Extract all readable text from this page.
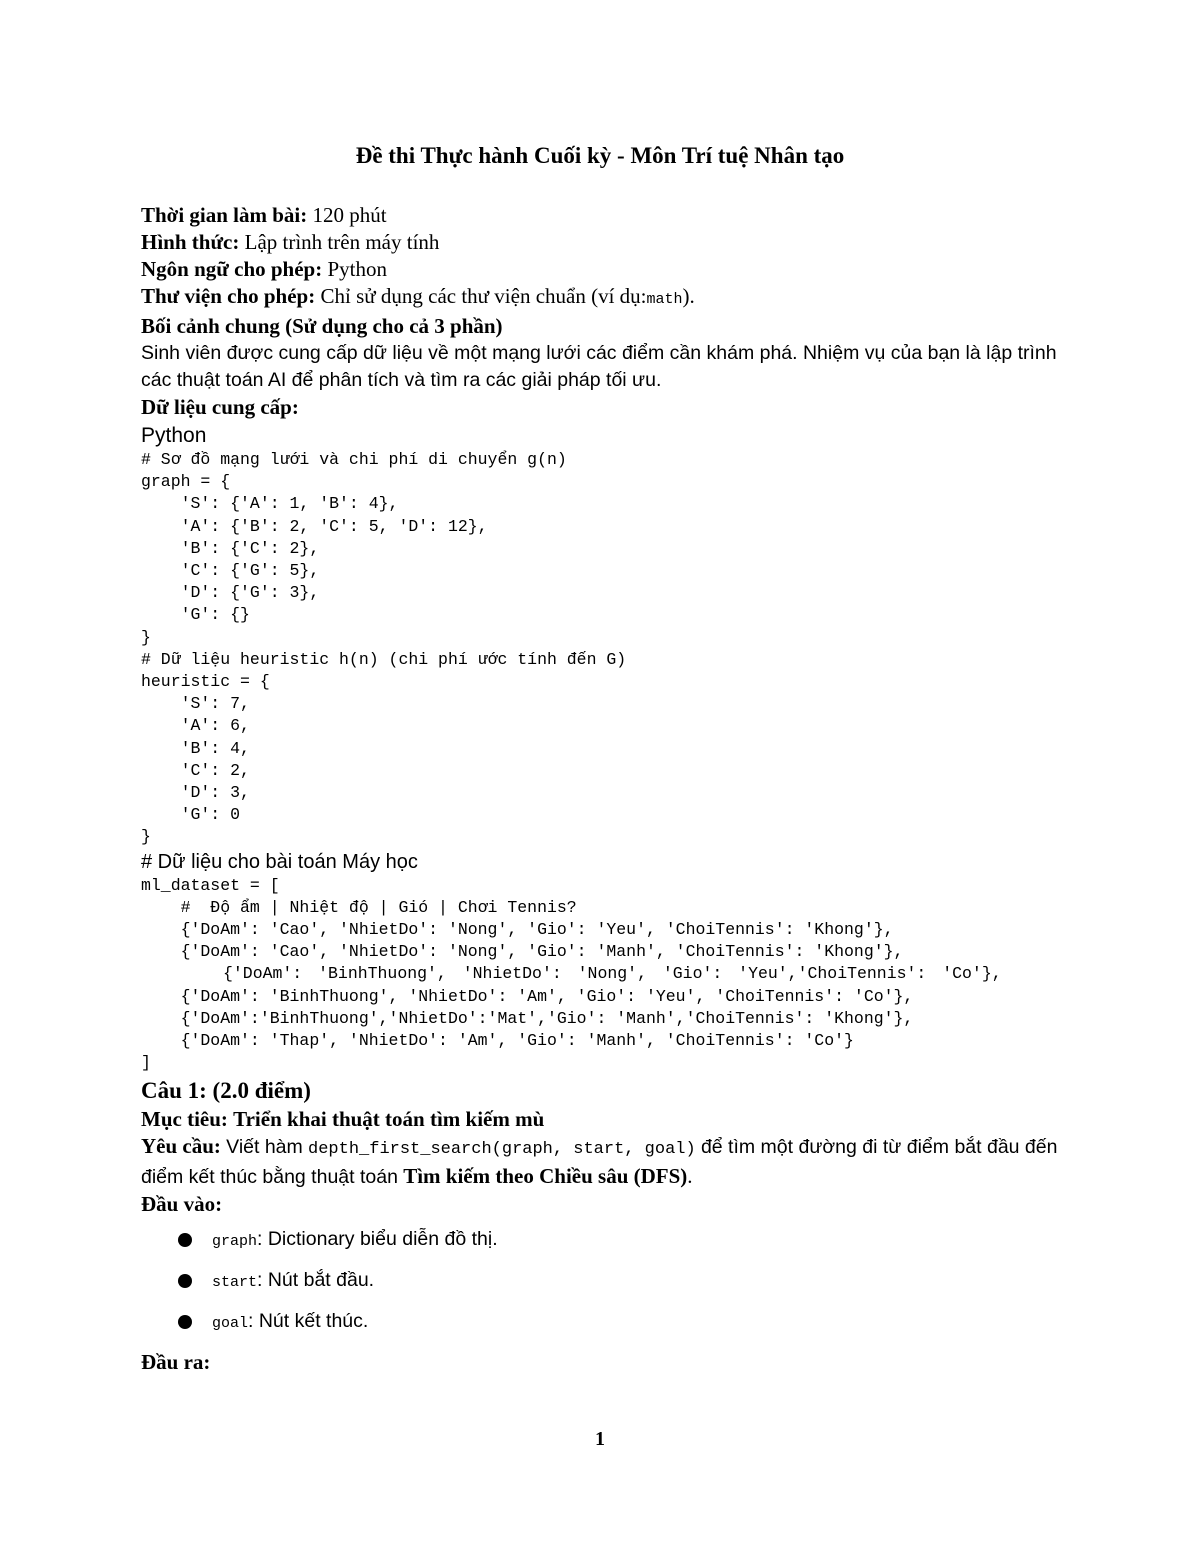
Đề thi Thực hành Cuối kỳ - Môn Trí tuệ Nhân tạo
Thời gian làm bài: 120 phút
Hình thức: Lập trình trên máy tính
Ngôn ngữ cho phép: Python
Thư viện cho phép: Chỉ sử dụng các thư viện chuẩn (ví dụ:math).
Bối cảnh chung (Sử dụng cho cả 3 phần)
Sinh viên được cung cấp dữ liệu về một mạng lưới các điểm cần khám phá. Nhiệm vụ của bạn là lập trình các thuật toán AI để phân tích và tìm ra các giải pháp tối ưu.
Dữ liệu cung cấp:
Python
# Sơ đồ mạng lưới và chi phí di chuyển g(n)
graph = {
'S': {'A': 1, 'B': 4},
'A': {'B': 2, 'C': 5, 'D': 12},
'B': {'C': 2},
'C': {'G': 5},
'D': {'G': 3},
'G': {}
}
# Dữ liệu heuristic h(n) (chi phí ước tính đến G)
heuristic = {
'S': 7,
'A': 6,
'B': 4,
'C': 2,
'D': 3,
'G': 0
}
# Dữ liệu cho bài toán Máy học
ml_dataset = [
#  Độ ẩm | Nhiệt độ | Gió | Chơi Tennis?
{'DoAm': 'Cao', 'NhietDo': 'Nong', 'Gio': 'Yeu', 'ChoiTennis': 'Khong'},
{'DoAm': 'Cao', 'NhietDo': 'Nong', 'Gio': 'Manh', 'ChoiTennis': 'Khong'},
{'DoAm': 'BinhThuong', 'NhietDo': 'Nong', 'Gio': 'Yeu','ChoiTennis': 'Co'},
{'DoAm': 'BinhThuong', 'NhietDo': 'Am', 'Gio': 'Yeu', 'ChoiTennis': 'Co'},
{'DoAm':'BinhThuong','NhietDo':'Mat','Gio': 'Manh','ChoiTennis': 'Khong'},
{'DoAm': 'Thap', 'NhietDo': 'Am', 'Gio': 'Manh', 'ChoiTennis': 'Co'}
]
Câu 1: (2.0 điểm)
Mục tiêu: Triển khai thuật toán tìm kiếm mù
Yêu cầu: Viết hàm depth_first_search(graph, start, goal) để tìm một đường đi từ điểm bắt đầu đến điểm kết thúc bằng thuật toán Tìm kiếm theo Chiều sâu (DFS).
Đầu vào:
graph: Dictionary biểu diễn đồ thị.
start: Nút bắt đầu.
goal: Nút kết thúc.
Đầu ra:
1
